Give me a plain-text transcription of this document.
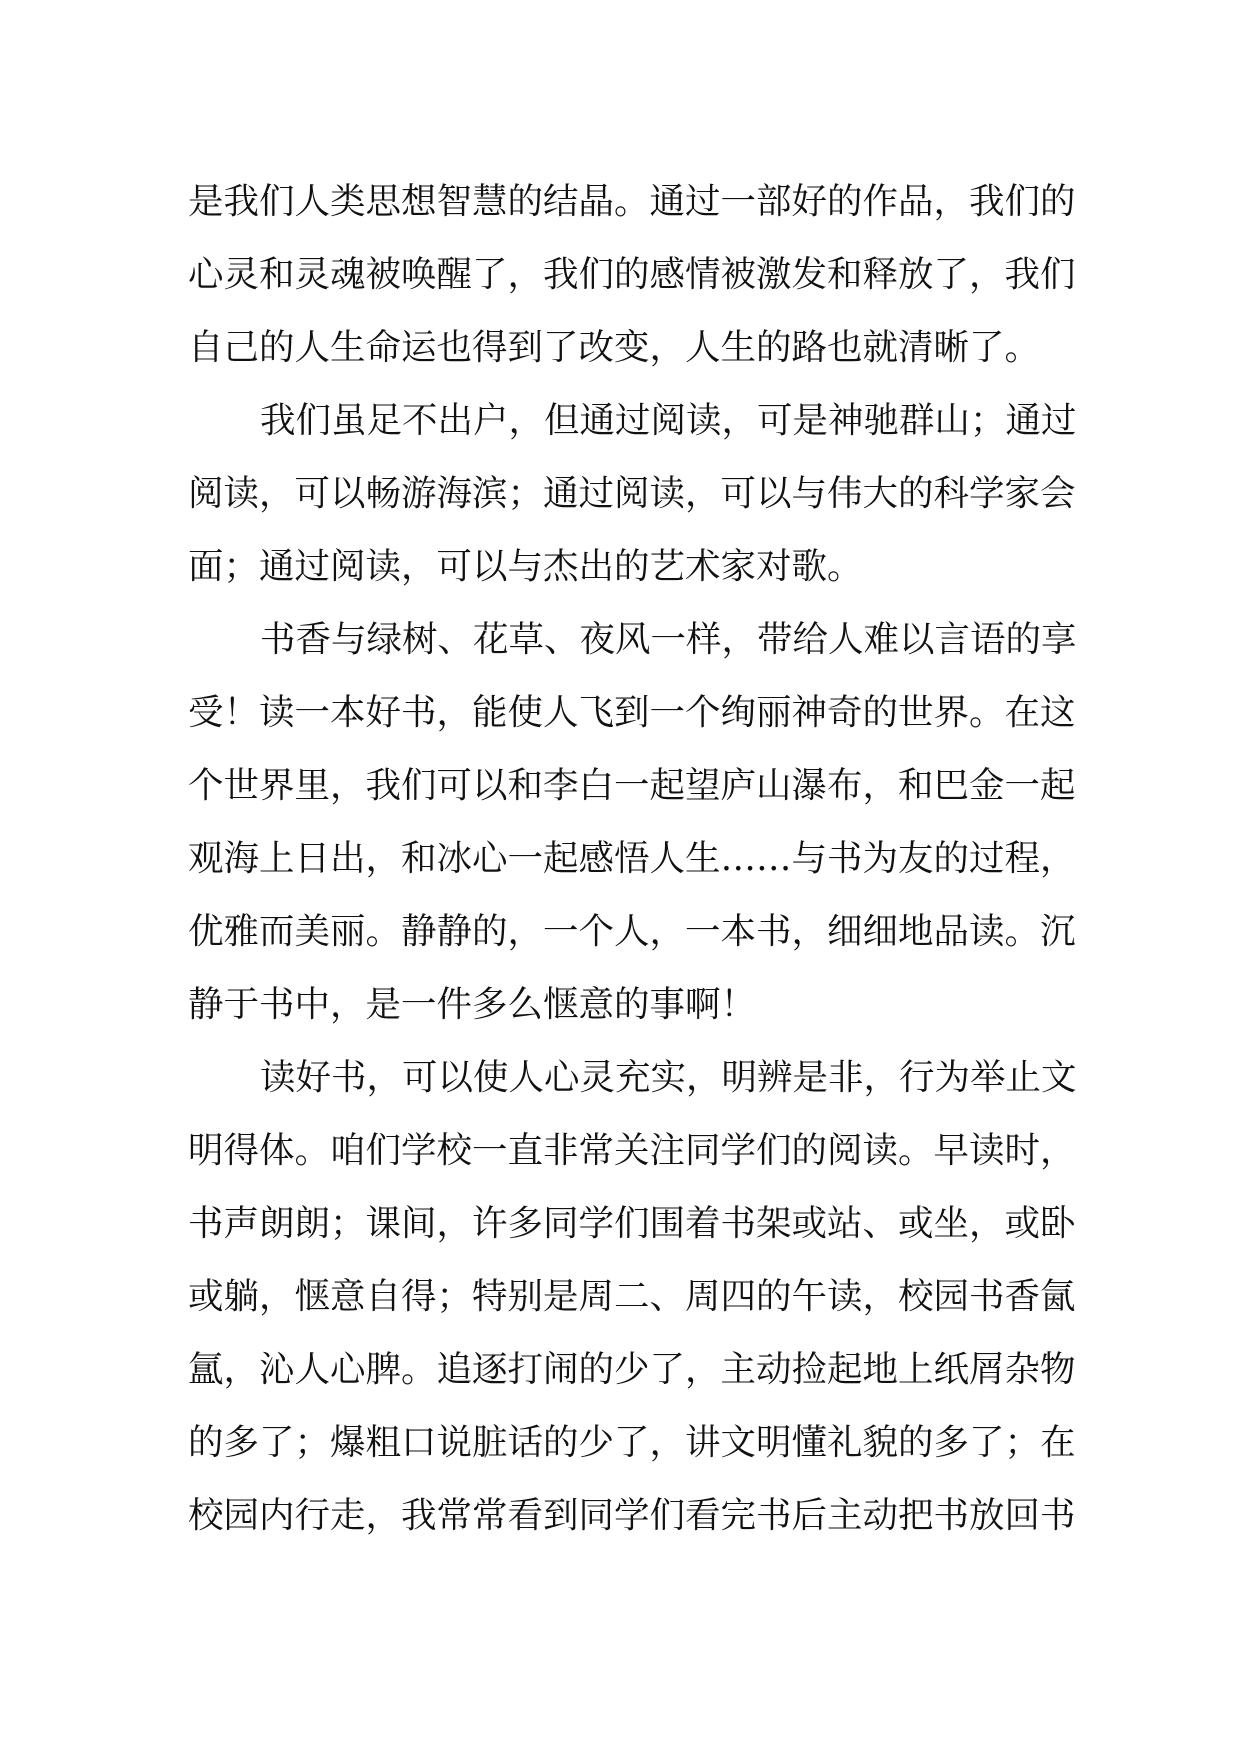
是我们人类思想智慧的结晶。通过一部好的作品，我们的
心灵和灵魂被唤醒了，我们的感情被激发和释放了，我们
自己的人生命运也得到了改变，人生的路也就清晰了。
我们虽足不出户，但通过阅读，可是神驰群山；通过
阅读，可以畅游海滨；通过阅读，可以与伟大的科学家会
面；通过阅读，可以与杰出的艺术家对歌。
书香与绿树、花草、夜风一样，带给人难以言语的享
受！读一本好书，能使人飞到一个绚丽神奇的世界。在这
个世界里，我们可以和李白一起望庐山瀑布，和巴金一起
观海上日出，和冰心一起感悟人生……与书为友的过程，
优雅而美丽。静静的，一个人，一本书，细细地品读。沉
静于书中，是一件多么惬意的事啊！
读好书，可以使人心灵充实，明辨是非，行为举止文
明得体。咱们学校一直非常关注同学们的阅读。早读时，
书声朗朗；课间，许多同学们围着书架或站、或坐，或卧
或躺，惬意自得；特别是周二、周四的午读，校园书香氤
氲，沁人心脾。追逐打闹的少了，主动捡起地上纸屑杂物
的多了；爆粗口说脏话的少了，讲文明懂礼貌的多了；在
校园内行走，我常常看到同学们看完书后主动把书放回书
